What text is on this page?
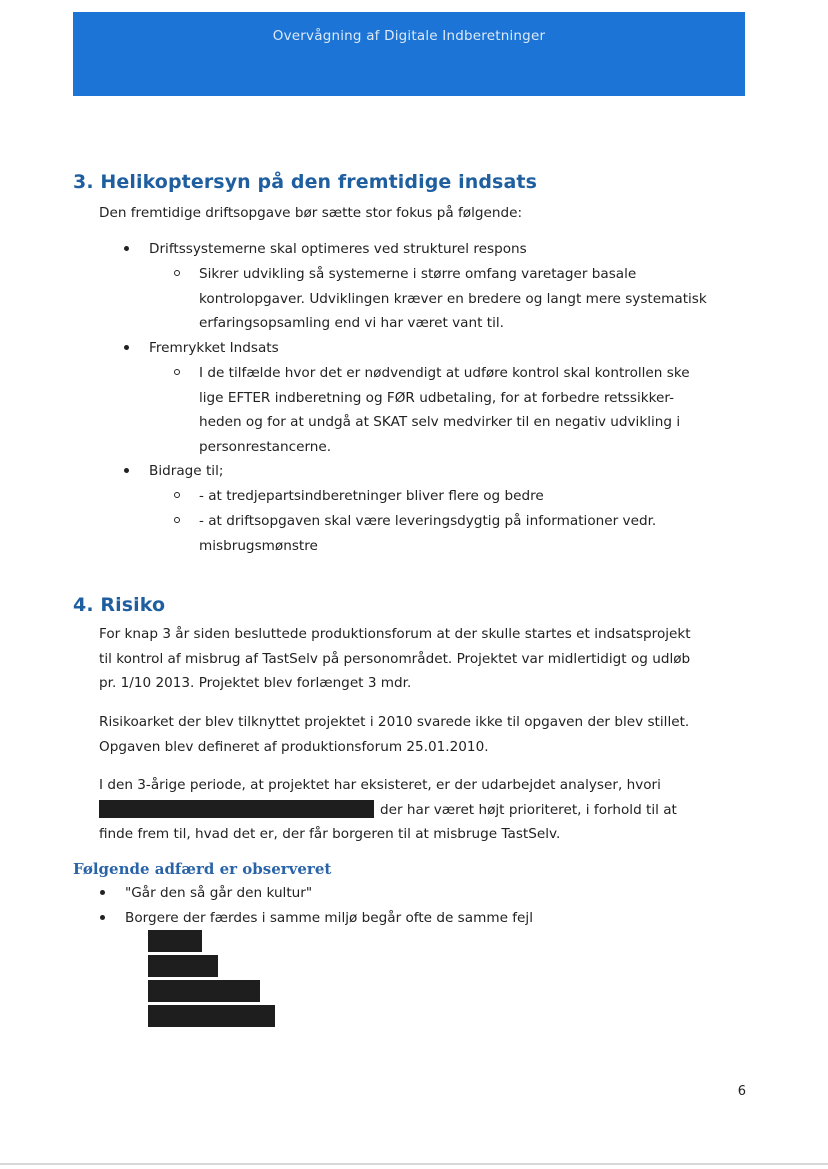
Overvågning af Digitale Indberetninger
3. Helikoptersyn på den fremtidige indsats
Den fremtidige driftsopgave bør sætte stor fokus på følgende:
Driftssystemerne skal optimeres ved strukturel respons
Sikrer udvikling så systemerne i større omfang varetager basale
kontrolopgaver. Udviklingen kræver en bredere og langt mere systematisk
erfaringsopsamling end vi har været vant til.
Fremrykket Indsats
I de tilfælde hvor det er nødvendigt at udføre kontrol skal kontrollen ske
lige EFTER indberetning og FØR udbetaling, for at forbedre retssikker-
heden og for at undgå at SKAT selv medvirker til en negativ udvikling i
personrestancerne.
Bidrage til;
- at tredjepartsindberetninger bliver flere og bedre
- at driftsopgaven skal være leveringsdygtig på informationer vedr.
misbrugsmønstre
4. Risiko
For knap 3 år siden besluttede produktionsforum at der skulle startes et indsatsprojekt
til kontrol af misbrug af TastSelv på personområdet. Projektet var midlertidigt og udløb
pr. 1/10 2013. Projektet blev forlænget 3 mdr.
Risikoarket der blev tilknyttet projektet i 2010 svarede ikke til opgaven der blev stillet.
Opgaven blev defineret af produktionsforum 25.01.2010.
I den 3-årige periode, at projektet har eksisteret, er der udarbejdet analyser, hvori
der har været højt prioriteret, i forhold til at
finde frem til, hvad det er, der får borgeren til at misbruge TastSelv.
Følgende adfærd er observeret
"Går den så går den kultur"
Borgere der færdes i samme miljø begår ofte de samme fejl
6
